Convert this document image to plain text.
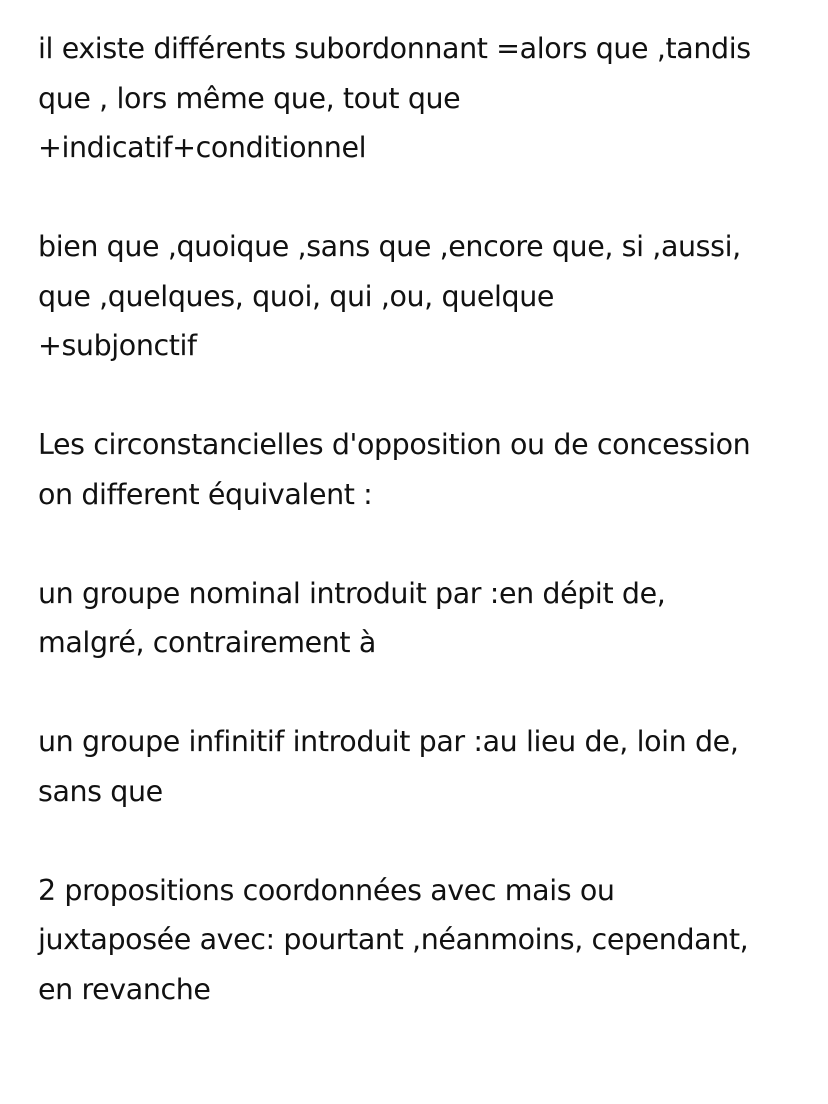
il existe différents subordonnant =alors que ,tandis
que , lors même que, tout que
+indicatif+conditionnel

bien que ,quoique ,sans que ,encore que, si ,aussi,
que ,quelques, quoi, qui ,ou, quelque
+subjonctif

Les circonstancielles d'opposition ou de concession
on different équivalent :

un groupe nominal introduit par :en dépit de,
malgré, contrairement à

un groupe infinitif introduit par :au lieu de, loin de,
sans que

2 propositions coordonnées avec mais ou
juxtaposée avec: pourtant ,néanmoins, cependant,
en revanche
